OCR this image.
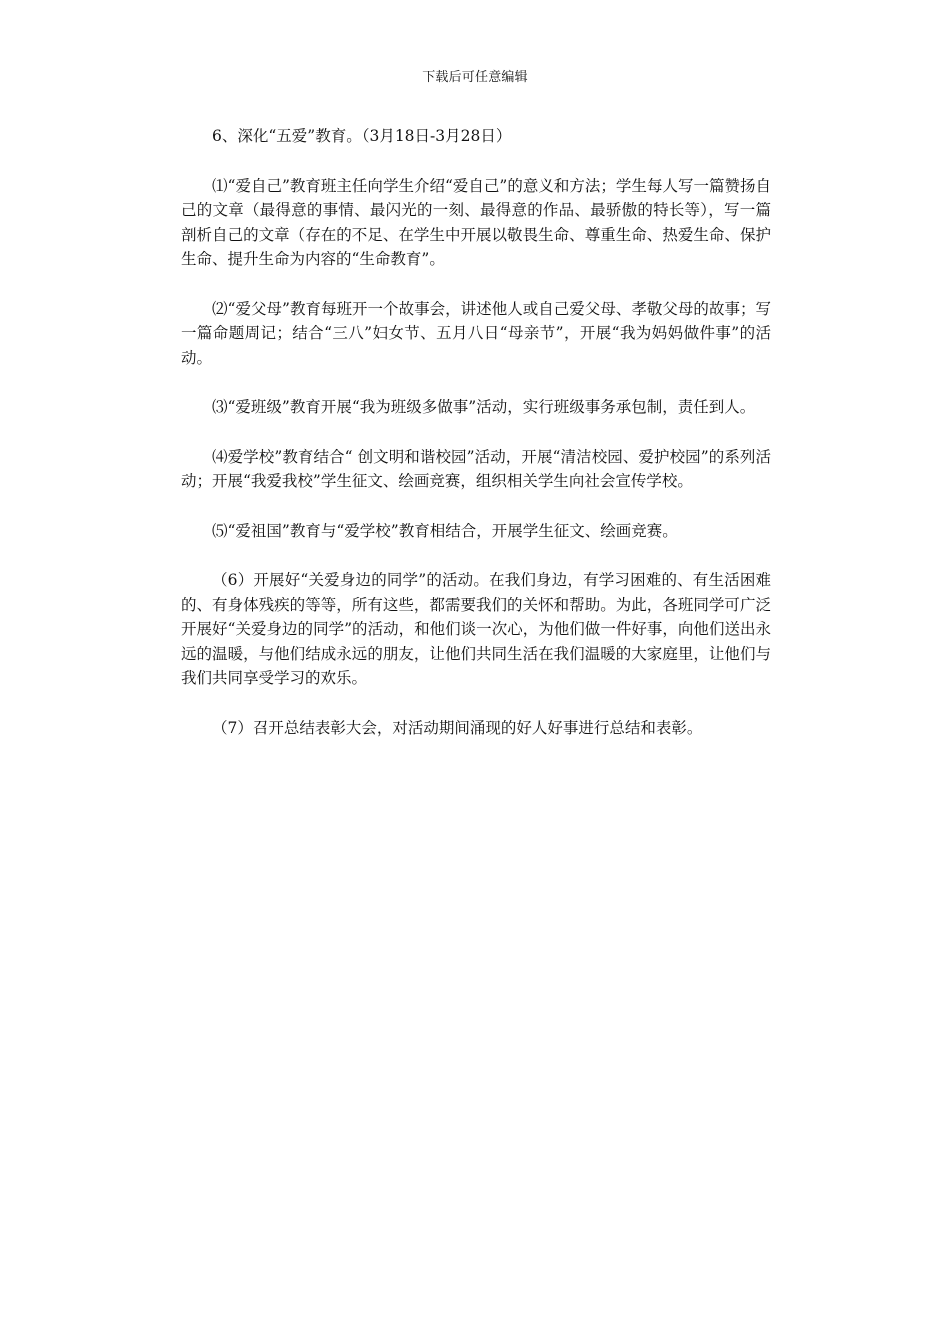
下载后可任意编辑

6、深化“五爱”教育。（3月18日-3月28日）

⑴“爱自己”教育班主任向学生介绍“爱自己”的意义和方法；学生每人写一篇赞扬自己的文章（最得意的事情、最闪光的一刻、最得意的作品、最骄傲的特长等），写一篇剖析自己的文章（存在的不足、在学生中开展以敬畏生命、尊重生命、热爱生命、保护生命、提升生命为内容的“生命教育”。

⑵“爱父母”教育每班开一个故事会，讲述他人或自己爱父母、孝敬父母的故事；写一篇命题周记；结合“三八”妇女节、五月八日“母亲节”，开展“我为妈妈做件事”的活动。

⑶“爱班级”教育开展“我为班级多做事”活动，实行班级事务承包制，责任到人。

⑷爱学校”教育结合“ 创文明和谐校园”活动，开展“清洁校园、爱护校园”的系列活动；开展“我爱我校”学生征文、绘画竞赛，组织相关学生向社会宣传学校。

⑸“爱祖国”教育与“爱学校”教育相结合，开展学生征文、绘画竞赛。

（6）开展好“关爱身边的同学”的活动。在我们身边，有学习困难的、有生活困难的、有身体残疾的等等，所有这些，都需要我们的关怀和帮助。为此，各班同学可广泛开展好“关爱身边的同学”的活动，和他们谈一次心，为他们做一件好事，向他们送出永远的温暖，与他们结成永远的朋友，让他们共同生活在我们温暖的大家庭里，让他们与我们共同享受学习的欢乐。

（7）召开总结表彰大会，对活动期间涌现的好人好事进行总结和表彰。
